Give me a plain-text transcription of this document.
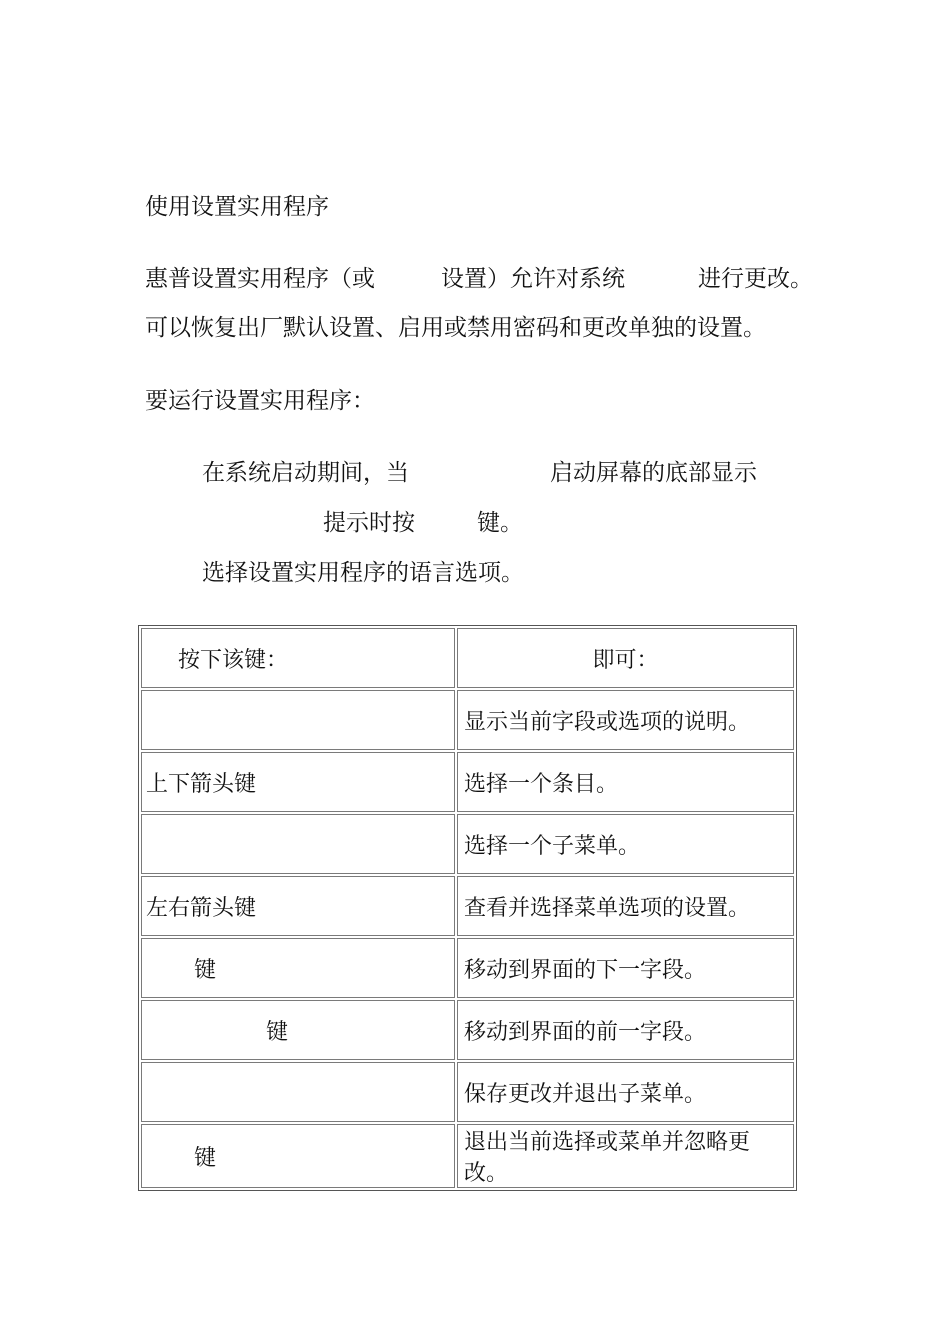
使用设置实用程序
惠普设置实用程序（或	设置）允许对系统	进行更改。
可以恢复出厂默认设置、启用或禁用密码和更改单独的设置。
要运行设置实用程序：
在系统启动期间，当	启动屏幕的底部显示
提示时按	键。
选择设置实用程序的语言选项。
按下该键：	即可：
	显示当前字段或选项的说明。
上下箭头键	选择一个条目。
	选择一个子菜单。
左右箭头键	查看并选择菜单选项的设置。
键	移动到界面的下一字段。
键	移动到界面的前一字段。
	保存更改并退出子菜单。
键	退出当前选择或菜单并忽略更改。
